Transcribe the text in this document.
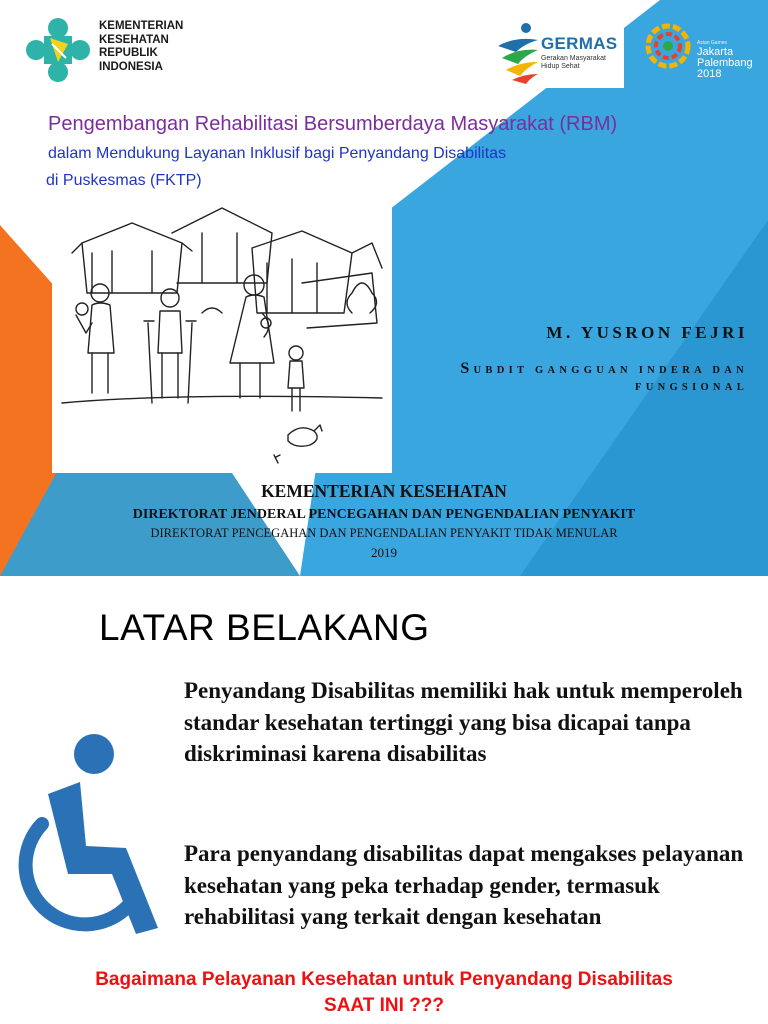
KEMENTERIAN
KESEHATAN
REPUBLIK
INDONESIA
GERMAS
Gerakan Masyarakat
Hidup Sehat
Asian Games
Jakarta
Palembang
2018
Pengembangan Rehabilitasi Bersumberdaya Masyarakat (RBM)
dalam Mendukung Layanan Inklusif bagi Penyandang Disabilitas
di Puskesmas (FKTP)
M. YUSRON FEJRI
SUBDIT GANGGUAN INDERA DAN FUNGSIONAL
KEMENTERIAN KESEHATAN
DIREKTORAT JENDERAL PENCEGAHAN DAN PENGENDALIAN PENYAKIT
DIREKTORAT PENCEGAHAN DAN PENGENDALIAN PENYAKIT TIDAK MENULAR
2019
LATAR BELAKANG
Penyandang Disabilitas memiliki hak untuk memperoleh standar kesehatan tertinggi yang bisa dicapai tanpa diskriminasi karena disabilitas
Para penyandang disabilitas dapat mengakses pelayanan kesehatan yang peka terhadap gender, termasuk rehabilitasi yang terkait dengan kesehatan
Bagaimana Pelayanan Kesehatan untuk Penyandang Disabilitas
SAAT INI ???
